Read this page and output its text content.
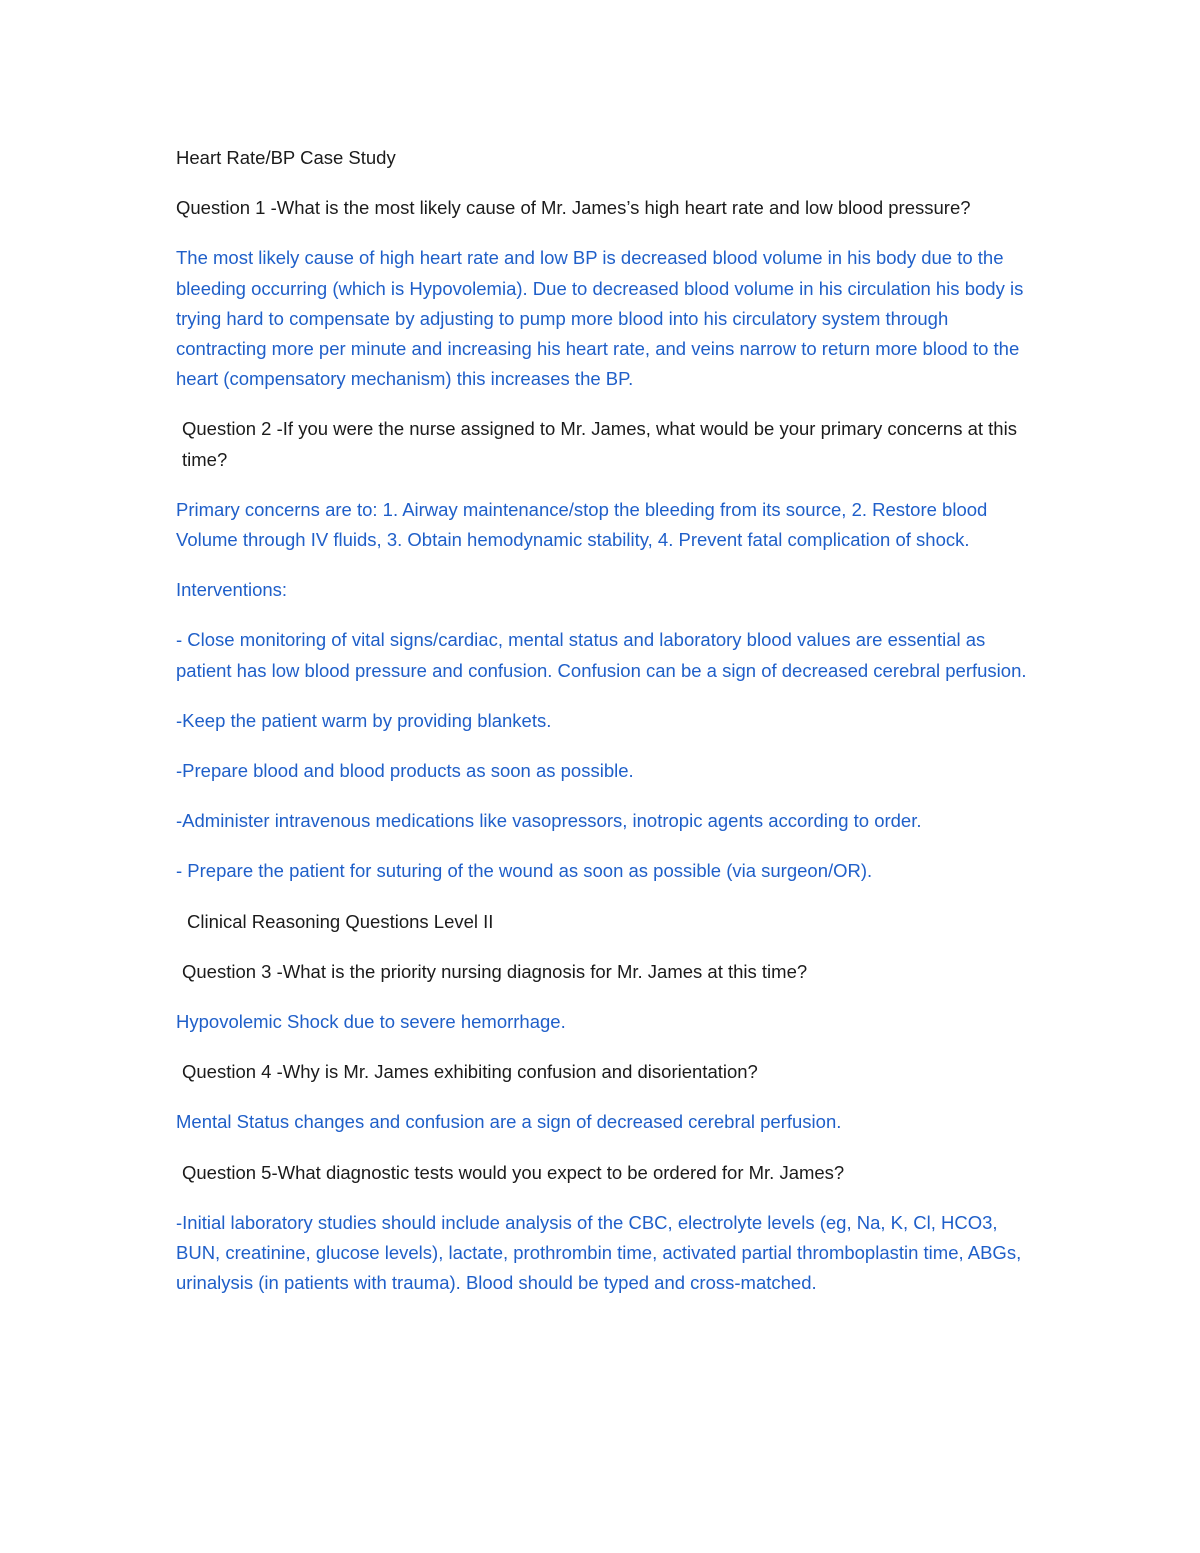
Heart Rate/BP Case Study

Question 1 -What is the most likely cause of Mr. James’s high heart rate and low blood pressure?

The most likely cause of high heart rate and low BP is decreased blood volume in his body due to the bleeding occurring (which is Hypovolemia). Due to decreased blood volume in his circulation his body is trying hard to compensate by adjusting to pump more blood into his circulatory system through contracting more per minute and increasing his heart rate, and veins narrow to return more blood to the heart (compensatory mechanism) this increases the BP.

Question 2 -If you were the nurse assigned to Mr. James, what would be your primary concerns at this time?

Primary concerns are to: 1. Airway maintenance/stop the bleeding from its source, 2. Restore blood Volume through IV fluids, 3. Obtain hemodynamic stability, 4. Prevent fatal complication of shock.

Interventions:

- Close monitoring of vital signs/cardiac, mental status and laboratory blood values are essential as patient has low blood pressure and confusion. Confusion can be a sign of decreased cerebral perfusion.

-Keep the patient warm by providing blankets.

-Prepare blood and blood products as soon as possible.

-Administer intravenous medications like vasopressors, inotropic agents according to order.

- Prepare the patient for suturing of the wound as soon as possible (via surgeon/OR).

Clinical Reasoning Questions Level II

Question 3 -What is the priority nursing diagnosis for Mr. James at this time?

Hypovolemic Shock due to severe hemorrhage.

Question 4 -Why is Mr. James exhibiting confusion and disorientation?

Mental Status changes and confusion are a sign of decreased cerebral perfusion.

Question 5-What diagnostic tests would you expect to be ordered for Mr. James?

-Initial laboratory studies should include analysis of the CBC, electrolyte levels (eg, Na, K, Cl, HCO3, BUN, creatinine, glucose levels), lactate, prothrombin time, activated partial thromboplastin time, ABGs, urinalysis (in patients with trauma). Blood should be typed and cross-matched.
